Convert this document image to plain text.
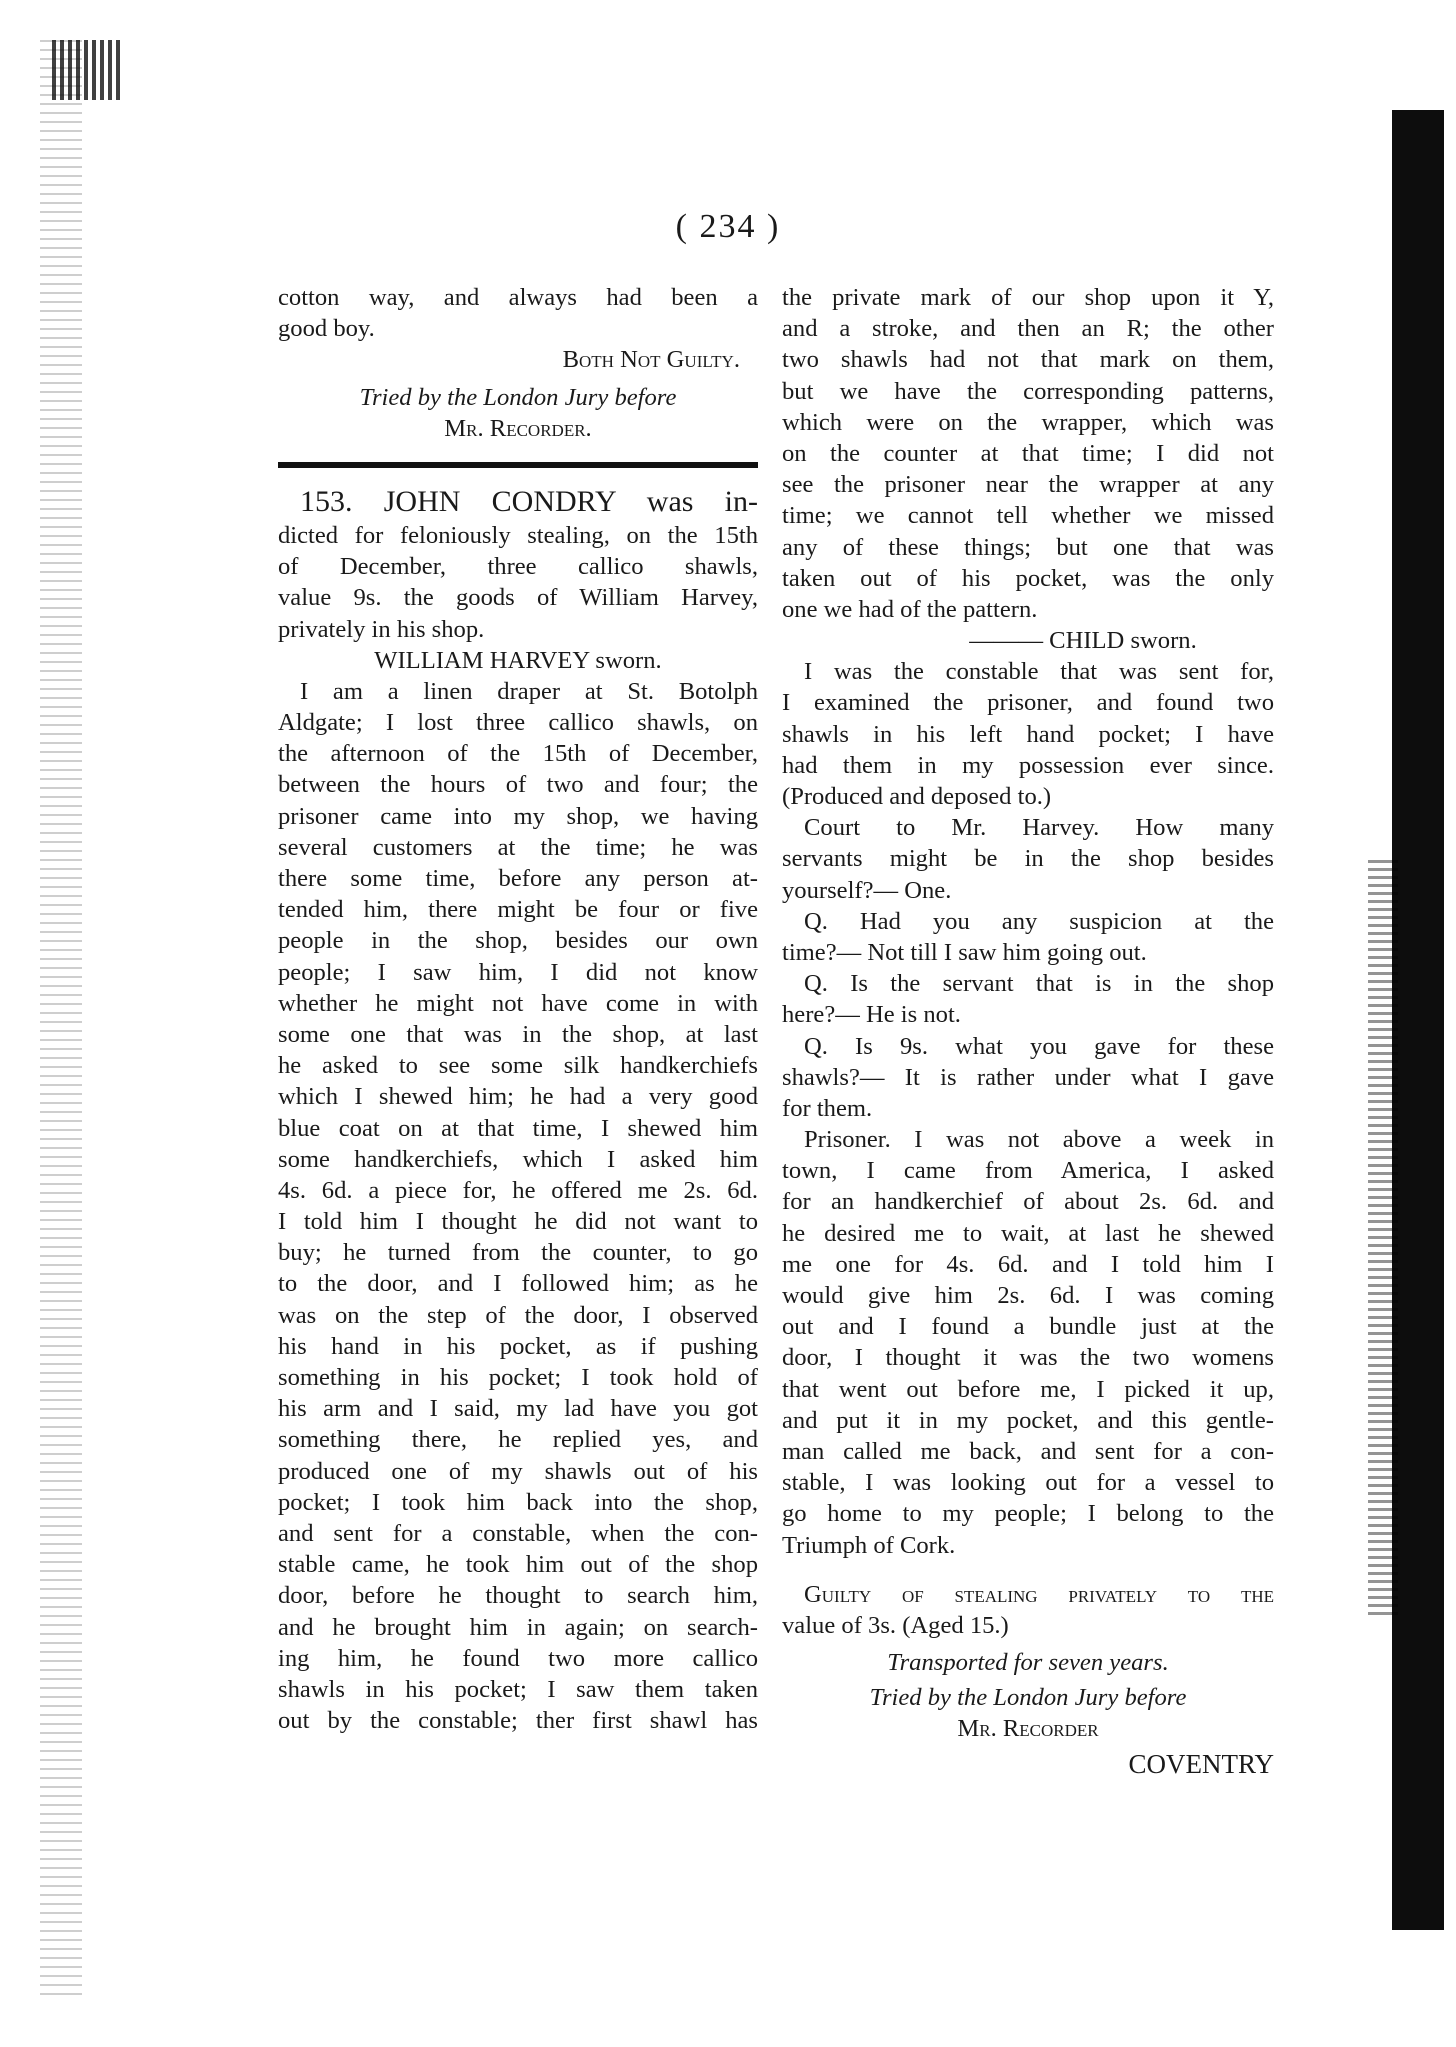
( 234 )
cotton way, and always had been a
good boy.
Both Not Guilty.
Tried by the London Jury before
Mr. Recorder.
153. JOHN CONDRY was in-
dicted for feloniously stealing, on the 15th
of December, three callico shawls,
value 9s. the goods of William Harvey,
privately in his shop.
WILLIAM HARVEY sworn.
I am a linen draper at St. Botolph
Aldgate; I lost three callico shawls, on
the afternoon of the 15th of December,
between the hours of two and four; the
prisoner came into my shop, we having
several customers at the time; he was
there some time, before any person at-
tended him, there might be four or five
people in the shop, besides our own
people; I saw him, I did not know
whether he might not have come in with
some one that was in the shop, at last
he asked to see some silk handkerchiefs
which I shewed him; he had a very good
blue coat on at that time, I shewed him
some handkerchiefs, which I asked him
4s. 6d. a piece for, he offered me 2s. 6d.
I told him I thought he did not want to
buy; he turned from the counter, to go
to the door, and I followed him; as he
was on the step of the door, I observed
his hand in his pocket, as if pushing
something in his pocket; I took hold of
his arm and I said, my lad have you got
something there, he replied yes, and
produced one of my shawls out of his
pocket; I took him back into the shop,
and sent for a constable, when the con-
stable came, he took him out of the shop
door, before he thought to search him,
and he brought him in again; on search-
ing him, he found two more callico
shawls in his pocket; I saw them taken
out by the constable; ther first shawl has
the private mark of our shop upon it Y,
and a stroke, and then an R; the other
two shawls had not that mark on them,
but we have the corresponding patterns,
which were on the wrapper, which was
on the counter at that time; I did not
see the prisoner near the wrapper at any
time; we cannot tell whether we missed
any of these things; but one that was
taken out of his pocket, was the only
one we had of the pattern.
——— CHILD sworn.
I was the constable that was sent for,
I examined the prisoner, and found two
shawls in his left hand pocket; I have
had them in my possession ever since.
(Produced and deposed to.)
Court to Mr. Harvey. How many
servants might be in the shop besides
yourself?— One.
Q. Had you any suspicion at the
time?— Not till I saw him going out.
Q. Is the servant that is in the shop
here?— He is not.
Q. Is 9s. what you gave for these
shawls?— It is rather under what I gave
for them.
Prisoner. I was not above a week in
town, I came from America, I asked
for an handkerchief of about 2s. 6d. and
he desired me to wait, at last he shewed
me one for 4s. 6d. and I told him I
would give him 2s. 6d. I was coming
out and I found a bundle just at the
door, I thought it was the two womens
that went out before me, I picked it up,
and put it in my pocket, and this gentle-
man called me back, and sent for a con-
stable, I was looking out for a vessel to
go home to my people; I belong to the
Triumph of Cork.
Guilty of stealing privately to the
value of 3s. (Aged 15.)
Transported for seven years.
Tried by the London Jury before
Mr. Recorder
COVENTRY
